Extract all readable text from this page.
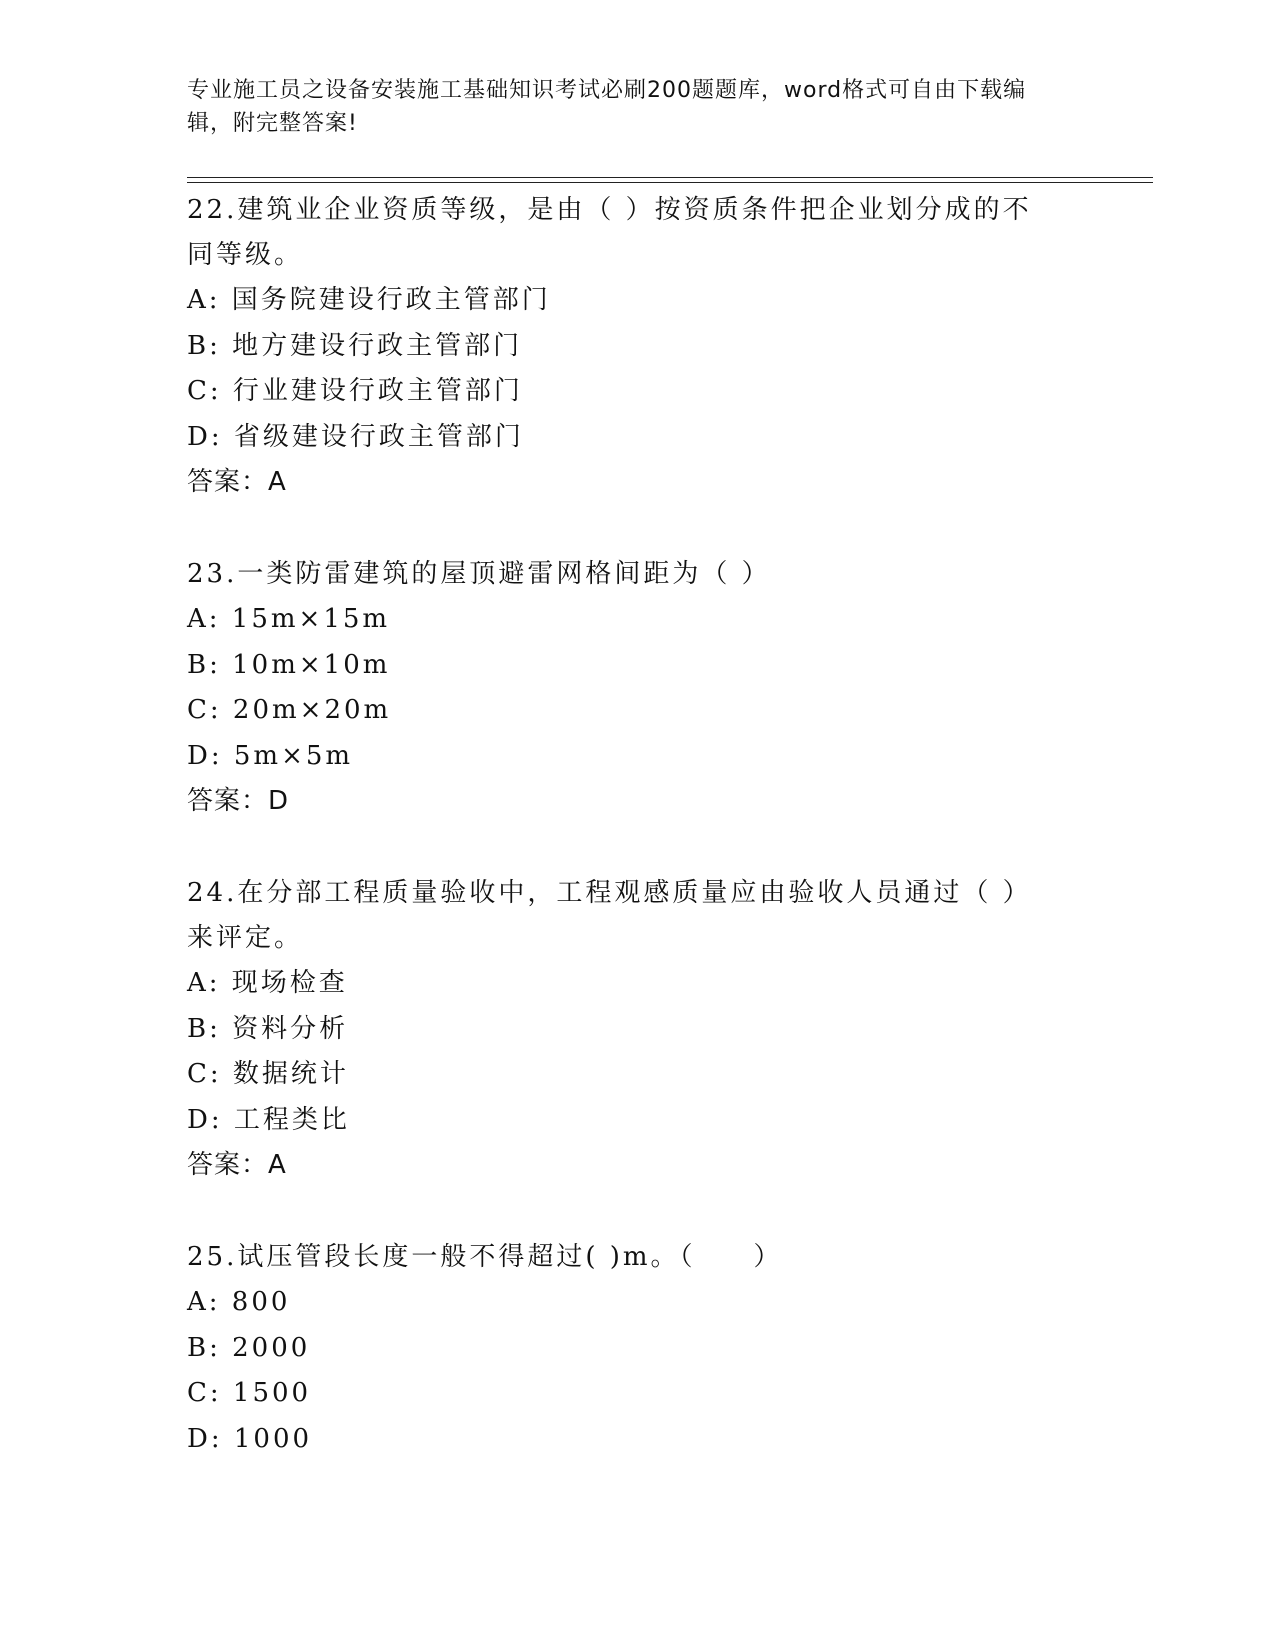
专业施工员之设备安装施工基础知识考试必刷200题题库，word格式可自由下载编辑，附完整答案!
22.建筑业企业资质等级，是由（ ）按资质条件把企业划分成的不同等级。
A: 国务院建设行政主管部门
B: 地方建设行政主管部门
C: 行业建设行政主管部门
D: 省级建设行政主管部门
答案：A
23.一类防雷建筑的屋顶避雷网格间距为（ ）
A: 15m×15m
B: 10m×10m
C: 20m×20m
D: 5m×5m
答案：D
24.在分部工程质量验收中，工程观感质量应由验收人员通过（ ）来评定。
A: 现场检查
B: 资料分析
C: 数据统计
D: 工程类比
答案：A
25.试压管段长度一般不得超过( )m。（　　）
A: 800
B: 2000
C: 1500
D: 1000
